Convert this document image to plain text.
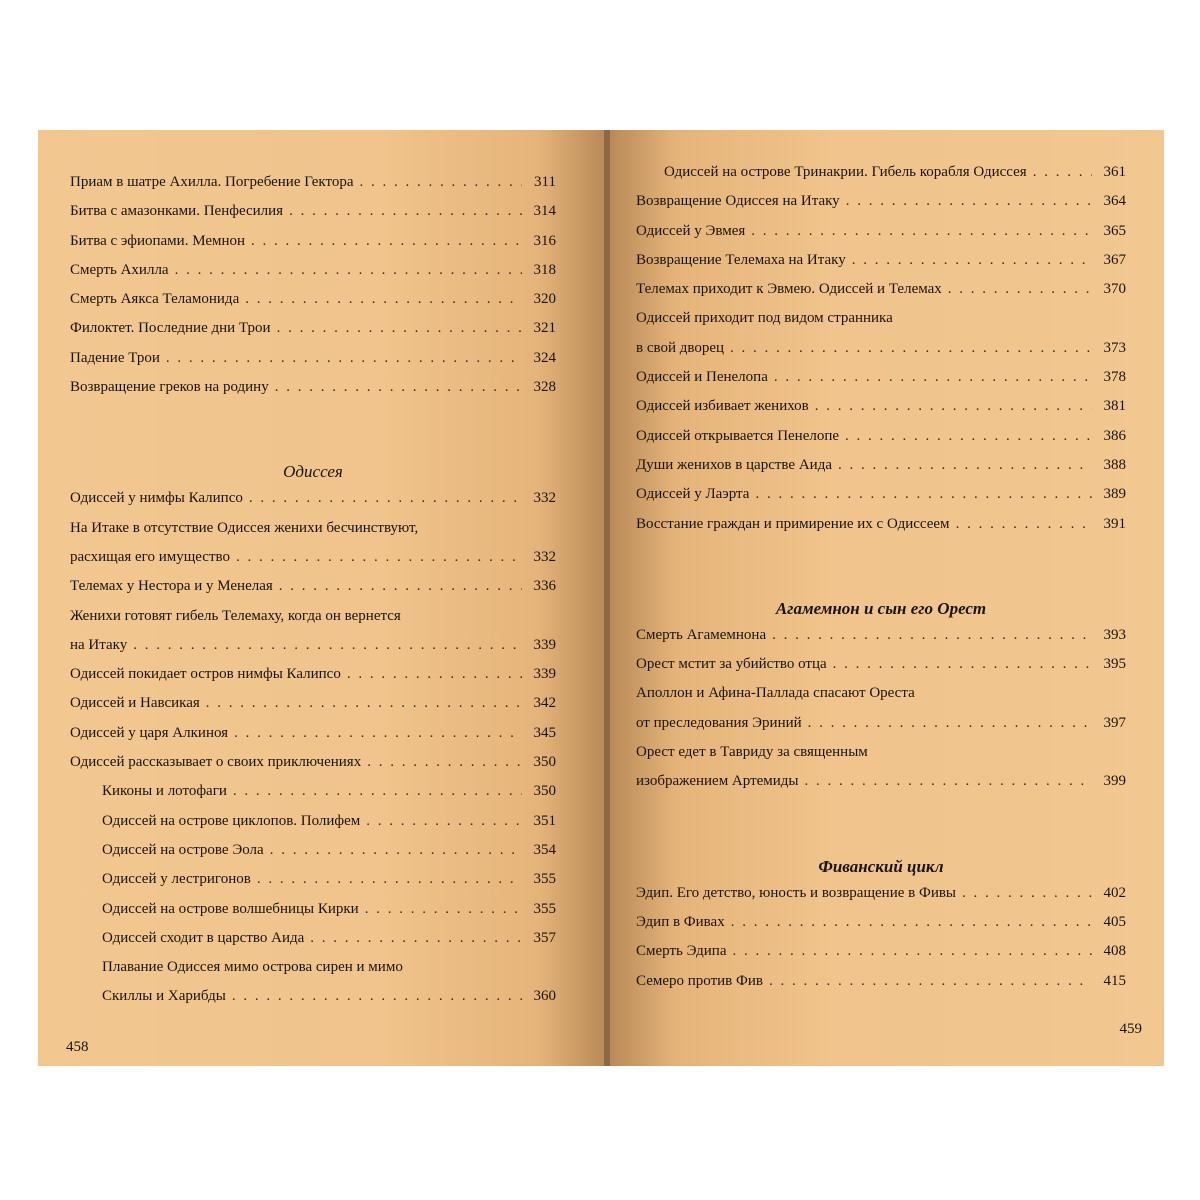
Приам в шатре Ахилла. Погребение Гектора . . .	311
Битва с амазонками. Пенфесилия . . .	314
Битва с эфиопами. Мемнон . . .	316
Смерть Ахилла . . .	318
Смерть Аякса Теламонида . . .	320
Филоктет. Последние дни Трои . . .	321
Падение Трои . . .	324
Возвращение греков на родину . . .	328
Одиссея
Одиссей у нимфы Калипсо . . .	332
На Итаке в отсутствие Одиссея женихи бесчинствуют,
расхищая его имущество . . .	332
Телемах у Нестора и у Менелая . . .	336
Женихи готовят гибель Телемаху, когда он вернется
на Итаку . . .	339
Одиссей покидает остров нимфы Калипсо . . .	339
Одиссей и Навсикая . . .	342
Одиссей у царя Алкиноя . . .	345
Одиссей рассказывает о своих приключениях . . .	350
Киконы и лотофаги . . .	350
Одиссей на острове циклопов. Полифем . . .	351
Одиссей на острове Эола . . .	354
Одиссей у лестригонов . . .	355
Одиссей на острове волшебницы Кирки . . .	355
Одиссей сходит в царство Аида . . .	357
Плавание Одиссея мимо острова сирен и мимо
Скиллы и Харибды . . .	360
458
Одиссей на острове Тринакрии. Гибель корабля Одиссея . . .	361
Возвращение Одиссея на Итаку . . .	364
Одиссей у Эвмея . . .	365
Возвращение Телемаха на Итаку . . .	367
Телемах приходит к Эвмею. Одиссей и Телемах . . .	370
Одиссей приходит под видом странника
в свой дворец . . .	373
Одиссей и Пенелопа . . .	378
Одиссей избивает женихов . . .	381
Одиссей открывается Пенелопе . . .	386
Души женихов в царстве Аида . . .	388
Одиссей у Лаэрта . . .	389
Восстание граждан и примирение их с Одиссеем . . .	391
Агамемнон и сын его Орест
Смерть Агамемнона . . .	393
Орест мстит за убийство отца . . .	395
Аполлон и Афина-Паллада спасают Ореста
от преследования Эриний . . .	397
Орест едет в Тавриду за священным
изображением Артемиды . . .	399
Фиванский цикл
Эдип. Его детство, юность и возвращение в Фивы . . .	402
Эдип в Фивах . . .	405
Смерть Эдипа . . .	408
Семеро против Фив . . .	415
459
